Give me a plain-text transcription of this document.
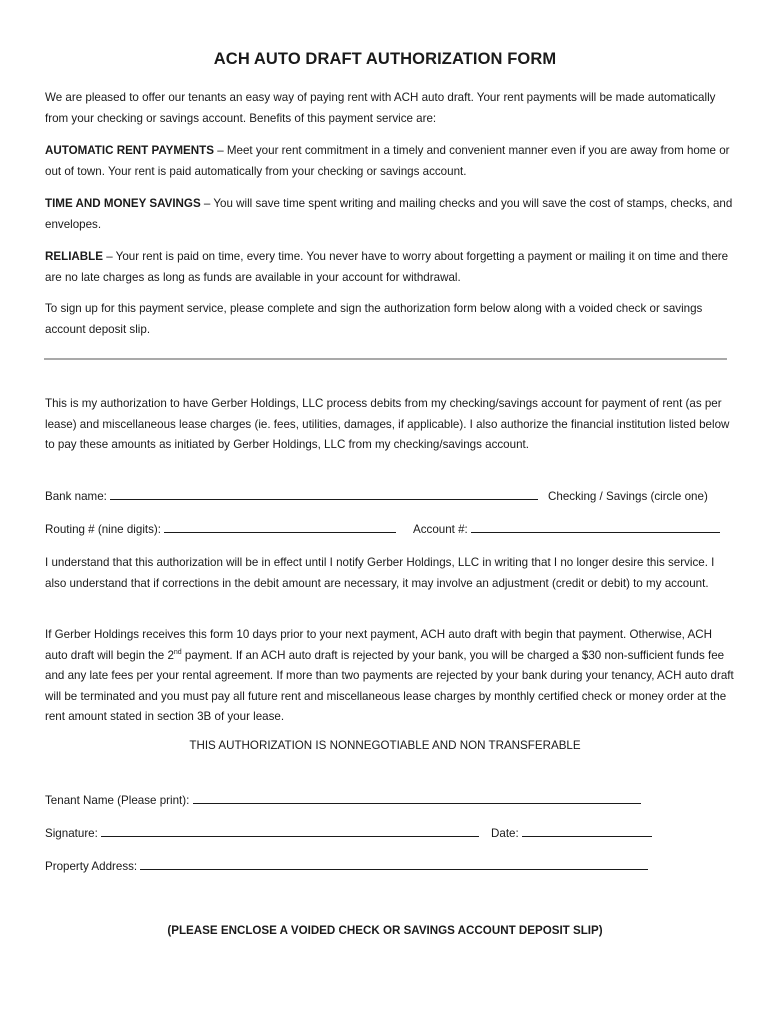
ACH AUTO DRAFT AUTHORIZATION FORM

We are pleased to offer our tenants an easy way of paying rent with ACH auto draft. Your rent payments will be made automatically from your checking or savings account. Benefits of this payment service are:

AUTOMATIC RENT PAYMENTS – Meet your rent commitment in a timely and convenient manner even if you are away from home or out of town. Your rent is paid automatically from your checking or savings account.

TIME AND MONEY SAVINGS – You will save time spent writing and mailing checks and you will save the cost of stamps, checks, and envelopes.

RELIABLE – Your rent is paid on time, every time. You never have to worry about forgetting a payment or mailing it on time and there are no late charges as long as funds are available in your account for withdrawal.

To sign up for this payment service, please complete and sign the authorization form below along with a voided check or savings account deposit slip.

This is my authorization to have Gerber Holdings, LLC process debits from my checking/savings account for payment of rent (as per lease) and miscellaneous lease charges (ie. fees, utilities, damages, if applicable). I also authorize the financial institution listed below to pay these amounts as initiated by Gerber Holdings, LLC from my checking/savings account.

Bank name:	Checking / Savings (circle one)
Routing # (nine digits):	Account #:

I understand that this authorization will be in effect until I notify Gerber Holdings, LLC in writing that I no longer desire this service. I also understand that if corrections in the debit amount are necessary, it may involve an adjustment (credit or debit) to my account.

If Gerber Holdings receives this form 10 days prior to your next payment, ACH auto draft with begin that payment. Otherwise, ACH auto draft will begin the 2nd payment. If an ACH auto draft is rejected by your bank, you will be charged a $30 non-sufficient funds fee and any late fees per your rental agreement. If more than two payments are rejected by your bank during your tenancy, ACH auto draft will be terminated and you must pay all future rent and miscellaneous lease charges by monthly certified check or money order at the rent amount stated in section 3B of your lease.

THIS AUTHORIZATION IS NONNEGOTIABLE AND NON TRANSFERABLE
Tenant Name (Please print):
Signature:	Date:
Property Address:
(PLEASE ENCLOSE A VOIDED CHECK OR SAVINGS ACCOUNT DEPOSIT SLIP)
